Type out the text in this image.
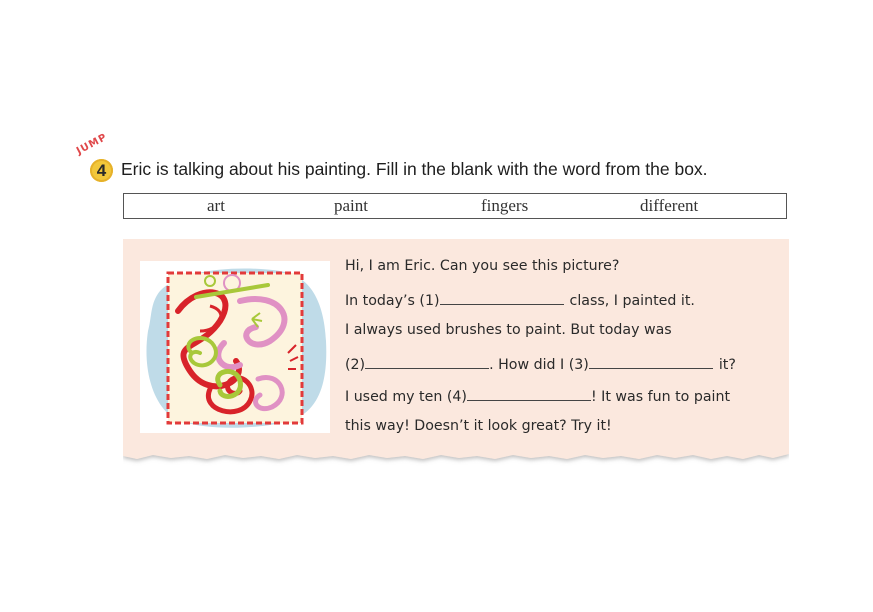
JUMP
4 Eric is talking about his painting. Fill in the blank with the word from the box.
art	paint	fingers	different
Hi, I am Eric. Can you see this picture?
In today’s (1)	class, I painted it.
I always used brushes to paint. But today was
(2)	. How did I (3)	it?
I used my ten (4)	! It was fun to paint
this way! Doesn’t it look great? Try it!
